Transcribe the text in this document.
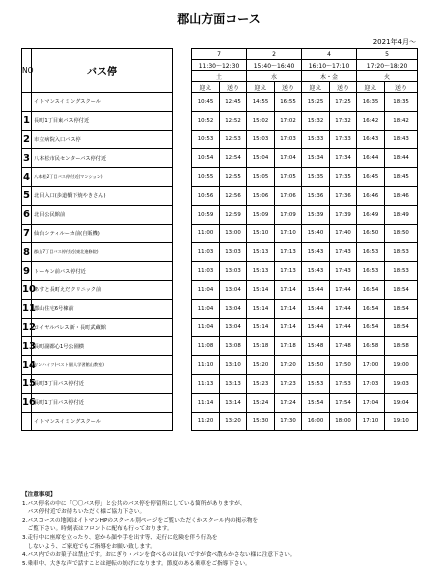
郡山方面コース
2021年4月～
NO	バス停		7		2		4		5	
			11:30～12:30		15:40～16:40		16:10～17:10		17:20～18:20	
			土		水		木・金		火	
			迎え	送り	迎え	送り	迎え	送り	迎え	送り
	イトマンスイミングスクール		10:45	12:45	14:55	16:55	15:25	17:25	16:35	18:35
1	長町1丁目東バス停付近		10:52	12:52	15:02	17:02	15:32	17:32	16:42	18:42
2	市立病院入口バス停		10:53	12:53	15:03	17:03	15:33	17:33	16:43	18:43
3	八本松市民センターバス停付近		10:54	12:54	15:04	17:04	15:34	17:34	16:44	18:44
4	八本松2丁目バス停付近(マンション)		10:55	12:55	15:05	17:05	15:35	17:35	16:45	18:45
5	北目入口(歩道橋下焼やきさん)		10:56	12:56	15:06	17:06	15:36	17:36	16:46	18:46
6	北目公民館前		10:59	12:59	15:09	17:09	15:39	17:39	16:49	18:49
7	仙台シティルーカ前(自販機)		11:00	13:00	15:10	17:10	15:40	17:40	16:50	18:50
8	郡山7丁目バス停付近(東北進修院)		11:03	13:03	15:13	17:13	15:43	17:43	16:53	18:53
9	トーキン前バス停付近		11:03	13:03	15:13	17:13	15:43	17:43	16:53	18:53
10	あすと長町えだクリニック前		11:04	13:04	15:14	17:14	15:44	17:44	16:54	18:54
11	郡山住宅6号棟前		11:04	13:04	15:14	17:14	15:44	17:44	16:54	18:54
12	ロイヤルパレス新・長町武蔵館		11:04	13:04	15:14	17:14	15:44	17:44	16:54	18:54
13	長町副都心1号公園横		11:08	13:08	15:18	17:18	15:48	17:48	16:58	18:58
14	ヤンハイツ(ベスト個人学習館山教室)		11:10	13:10	15:20	17:20	15:50	17:50	17:00	19:00
15	長町3丁目バス停付近		11:13	13:13	15:23	17:23	15:53	17:53	17:03	19:03
16	長町1丁目バス停付近		11:14	13:14	15:24	17:24	15:54	17:54	17:04	19:04
	イトマンスイミングスクール		11:20	13:20	15:30	17:30	16:00	18:00	17:10	19:10
【注意事項】
1.バス停名の中に「〇〇バス停」と公共のバス停を停留所にしている箇所がありますが、
　バス停付近でお待ちいただく様ご協力下さい。
2.バスコースの地図はイトマンHPのスクール別ページをご覧いただくかスクール内の掲示物を
　ご覧下さい。時刻表はフロントに配布も行っております。
3.走行中に座席を立ったり、窓から顔や手を出す等、走行に危険を伴う行為を
　しないよう、ご家庭でもご指導をお願い致します。
4.バス内でのお菓子は禁止です。おにぎり・パンを食べるのは良いですが食べ散らかさない様に注意下さい。
5.乗車中、大きな声で話すことは運転の妨げになります。節度のある乗車をご指導下さい。
